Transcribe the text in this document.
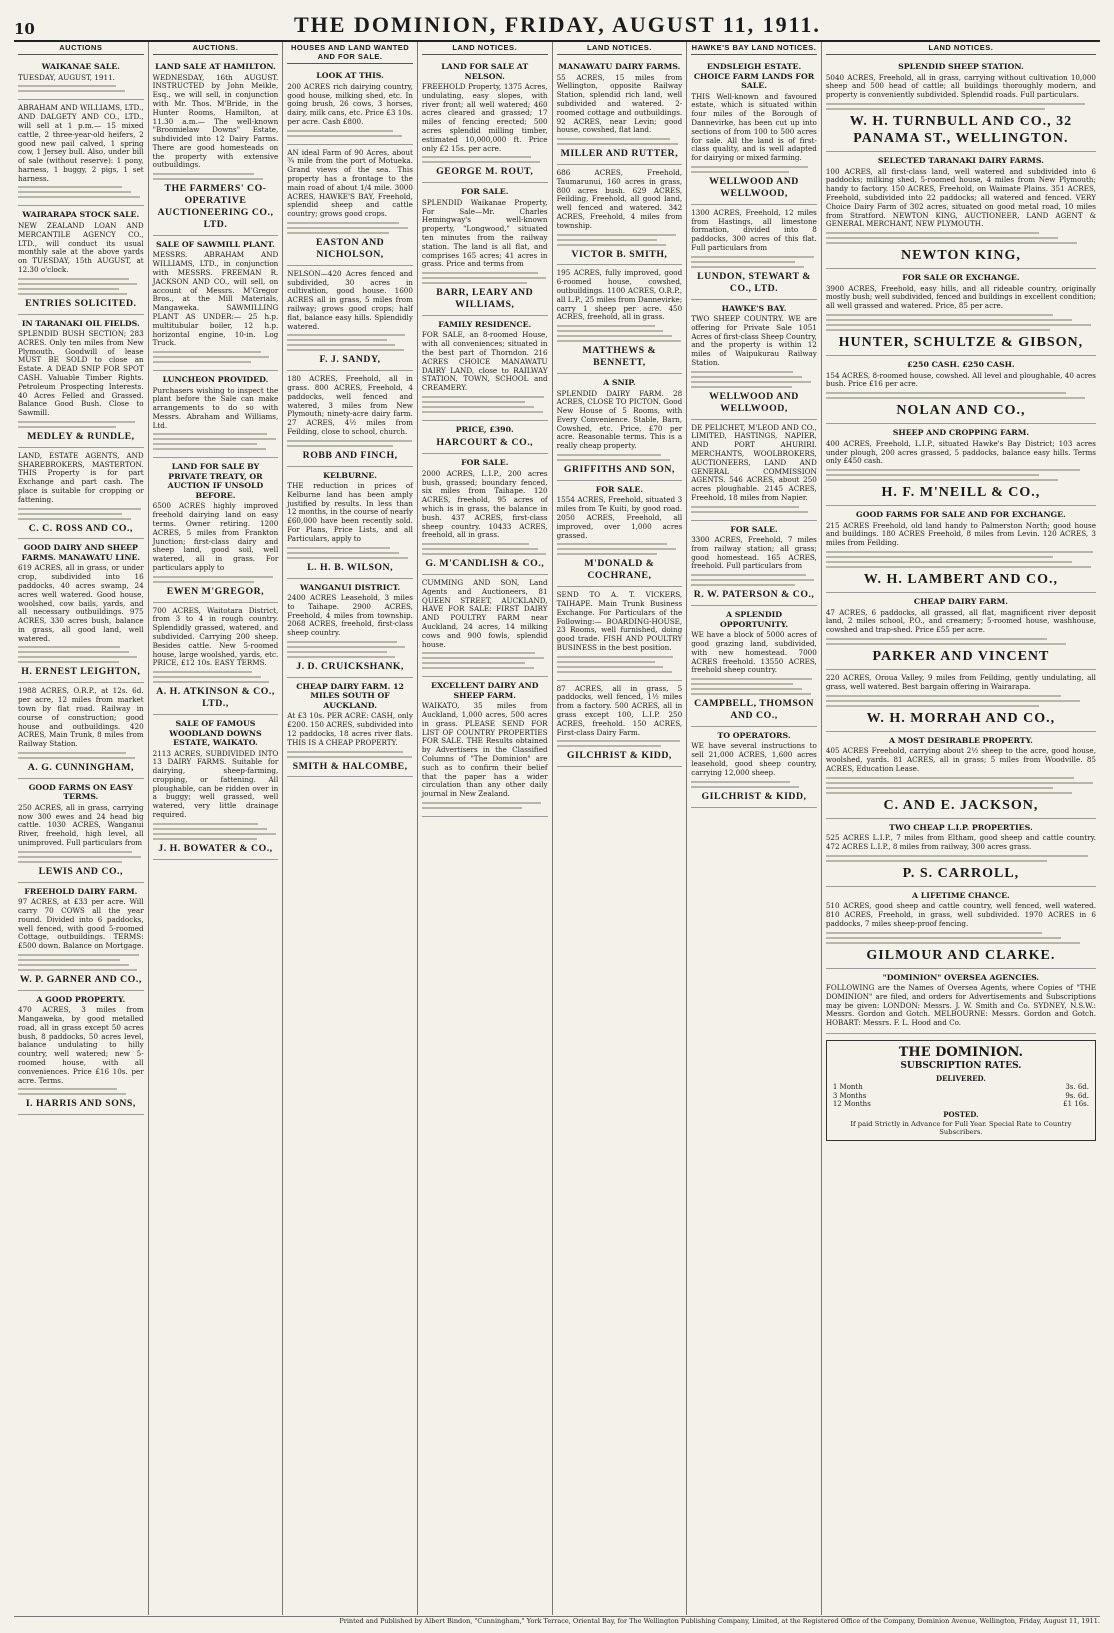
10	THE DOMINION, FRIDAY, AUGUST 11, 1911.
AUCTIONS
WAIKANAE SALE.
TUESDAY, AUGUST, 1911.
ABRAHAM AND WILLIAMS, LTD., AND DALGETY AND CO., LTD., will sell at 1 p.m.— 15 mixed cattle, 2 three-year-old heifers, 2 good new pail calved, 1 spring cow, 1 Jersey bull. Also, under bill of sale (without reserve): 1 pony, harness, 1 buggy, 2 pigs, 1 set harness.
WAIRARAPA STOCK SALE.
NEW ZEALAND LOAN AND MERCANTILE AGENCY CO., LTD., will conduct its usual monthly sale at the above yards on TUESDAY, 15th AUGUST, at 12.30 o'clock.
ENTRIES SOLICITED.
IN TARANAKI OIL FIELDS.
SPLENDID BUSH SECTION; 283 ACRES. Only ten miles from New Plymouth. Goodwill of lease MUST BE SOLD to close an Estate. A DEAD SNIP FOR SPOT CASH. Valuable Timber Rights. Petroleum Prospecting Interests. 40 Acres Felled and Grassed. Balance Good Bush. Close to Sawmill.
MEDLEY & RUNDLE,
LAND, ESTATE AGENTS, AND SHAREBROKERS, MASTERTON. THIS Property is for part Exchange and part cash. The place is suitable for cropping or fattening.
C. C. ROSS AND CO.,
GOOD DAIRY AND SHEEP FARMS. MANAWATU LINE.
619 ACRES, all in grass, or under crop, subdivided into 16 paddocks, 40 acres swamp, 24 acres well watered. Good house, woolshed, cow bails, yards, and all necessary outbuildings. 975 ACRES, 330 acres bush, balance in grass, all good land, well watered.
H. ERNEST LEIGHTON,
1988 ACRES, O.R.P., at 12s. 6d. per acre, 12 miles from market town by flat road. Railway in course of construction; good house and outbuildings. 420 ACRES, Main Trunk, 8 miles from Railway Station.
A. G. CUNNINGHAM,
GOOD FARMS ON EASY TERMS.
250 ACRES, all in grass, carrying now 300 ewes and 24 head big cattle. 1030 ACRES, Wanganui River, freehold, high level, all unimproved. Full particulars from
LEWIS AND CO.,
FREEHOLD DAIRY FARM.
97 ACRES, at £33 per acre. Will carry 70 COWS all the year round. Divided into 6 paddocks, well fenced, with good 5-roomed Cottage, outbuildings. TERMS: £500 down. Balance on Mortgage.
W. P. GARNER AND CO.,
A GOOD PROPERTY.
470 ACRES, 3 miles from Mangaweka, by good metalled road, all in grass except 50 acres bush, 8 paddocks, 50 acres level, balance undulating to hilly country, well watered; new 5-roomed house, with all conveniences. Price £16 10s. per acre. Terms.
I. HARRIS AND SONS,
AUCTIONS.
LAND SALE AT HAMILTON.
WEDNESDAY, 16th AUGUST. INSTRUCTED by John Meikle, Esq., we will sell, in conjunction with Mr. Thos. M'Bride, in the Hunter Rooms, Hamilton, at 11.30 a.m.— The well-known "Broomielaw Downs" Estate, subdivided into 12 Dairy Farms. There are good homesteads on the property with extensive outbuildings.
THE FARMERS' CO-OPERATIVE AUCTIONEERING CO., LTD.
SALE OF SAWMILL PLANT.
MESSRS. ABRAHAM AND WILLIAMS, LTD., in conjunction with MESSRS. FREEMAN R. JACKSON AND CO., will sell, on account of Messrs. M'Gregor Bros., at the Mill Materials, Mangaweka. SAWMILLING PLANT AS UNDER:— 25 h.p. multitubular boiler, 12 h.p. horizontal engine, 10-in. Log Truck.
LUNCHEON PROVIDED.
Purchasers wishing to inspect the plant before the Sale can make arrangements to do so with Messrs. Abraham and Williams, Ltd.
LAND FOR SALE BY PRIVATE TREATY, OR AUCTION IF UNSOLD BEFORE.
6500 ACRES highly improved freehold dairying land on easy terms. Owner retiring. 1200 ACRES, 5 miles from Frankton Junction; first-class dairy and sheep land, good soil, well watered, all in grass. For particulars apply to
EWEN M'GREGOR,
700 ACRES, Waitotara District, from 3 to 4 in rough country. Splendidly grassed, watered, and subdivided. Carrying 200 sheep. Besides cattle. New 5-roomed house, large woolshed, yards, etc. PRICE, £12 10s. EASY TERMS.
A. H. ATKINSON & CO., LTD.,
SALE OF FAMOUS WOODLAND DOWNS ESTATE, WAIKATO.
2113 ACRES, SUBDIVIDED INTO 13 DAIRY FARMS. Suitable for dairying, sheep-farming, cropping, or fattening. All ploughable, can be ridden over in a buggy; well grassed, well watered, very little drainage required.
J. H. BOWATER & CO.,
HOUSES AND LAND WANTED AND FOR SALE.
LOOK AT THIS.
200 ACRES rich dairying country, good house, milking shed, etc. In going brush, 26 cows, 3 horses, dairy, milk cans, etc. Price £3 10s. per acre. Cash £800.
AN ideal Farm of 90 Acres, about ¾ mile from the port of Motueka. Grand views of the sea. This property has a frontage to the main road of about 1/4 mile. 3000 ACRES, HAWKE'S BAY, Freehold, splendid sheep and cattle country; grows good crops.
EASTON AND NICHOLSON,
NELSON—420 Acres fenced and subdivided, 30 acres in cultivation, good house. 1600 ACRES all in grass, 5 miles from railway; grows good crops; half flat, balance easy hills. Splendidly watered.
F. J. SANDY,
180 ACRES, Freehold, all in grass. 800 ACRES, Freehold, 4 paddocks, well fenced and watered, 3 miles from New Plymouth; ninety-acre dairy farm. 27 ACRES, 4½ miles from Feilding, close to school, church.
ROBB AND FINCH,
KELBURNE.
THE reduction in prices of Kelburne land has been amply justified by results. In less than 12 months, in the course of nearly £60,000 have been recently sold. For Plans, Price Lists, and all Particulars, apply to
L. H. B. WILSON,
WANGANUI DISTRICT.
2400 ACRES Leasehold, 3 miles to Taihape. 2900 ACRES, Freehold, 4 miles from township. 2068 ACRES, freehold, first-class sheep country.
J. D. CRUICKSHANK,
CHEAP DAIRY FARM. 12 MILES SOUTH OF AUCKLAND.
At £3 10s. PER ACRE: CASH, only £200. 150 ACRES, subdivided into 12 paddocks, 18 acres river flats. THIS IS A CHEAP PROPERTY.
SMITH & HALCOMBE,
LAND NOTICES.
LAND FOR SALE AT NELSON.
FREEHOLD Property, 1375 Acres, undulating, easy slopes, with river front; all well watered; 460 acres cleared and grassed; 17 miles of fencing erected; 500 acres splendid milling timber, estimated 10,000,000 ft. Price only £2 15s. per acre.
GEORGE M. ROUT,
FOR SALE.
SPLENDID Waikanae Property, For Sale—Mr. Charles Hemingway's well-known property, "Longwood," situated ten minutes from the railway station. The land is all flat, and comprises 165 acres; 41 acres in grass. Price and terms from
BARR, LEARY AND WILLIAMS,
FAMILY RESIDENCE.
FOR SALE, an 8-roomed House, with all conveniences; situated in the best part of Thorndon. 216 ACRES CHOICE MANAWATU DAIRY LAND, close to RAILWAY STATION, TOWN, SCHOOL and CREAMERY.
PRICE, £390.
HARCOURT & CO.,
FOR SALE.
2000 ACRES, L.I.P., 200 acres bush, grassed; boundary fenced, six miles from Taihape. 120 ACRES, freehold, 95 acres of which is in grass, the balance in bush. 437 ACRES, first-class sheep country. 10433 ACRES, freehold, all in grass.
G. M'CANDLISH & CO.,
CUMMING AND SON, Land Agents and Auctioneers, 81 QUEEN STREET, AUCKLAND, HAVE FOR SALE: FIRST DAIRY AND POULTRY FARM near Auckland, 24 acres, 14 milking cows and 900 fowls, splendid house.
EXCELLENT DAIRY AND SHEEP FARM.
WAIKATO, 35 miles from Auckland, 1,000 acres, 500 acres in grass. PLEASE SEND FOR LIST OF COUNTRY PROPERTIES FOR SALE. THE Results obtained by Advertisers in the Classified Columns of "The Dominion" are such as to confirm their belief that the paper has a wider circulation than any other daily journal in New Zealand.
LAND NOTICES.
MANAWATU DAIRY FARMS.
55 ACRES, 15 miles from Wellington, opposite Railway Station, splendid rich land, well subdivided and watered. 2-roomed cottage and outbuildings. 92 ACRES, near Levin; good house, cowshed, flat land.
MILLER AND RUTTER,
686 ACRES, Freehold, Taumarunui, 160 acres in grass, 800 acres bush. 629 ACRES, Feilding, Freehold, all good land, well fenced and watered. 342 ACRES, Freehold, 4 miles from township.
VICTOR B. SMITH,
195 ACRES, fully improved, good 6-roomed house, cowshed, outbuildings. 1100 ACRES, O.R.P., all L.P., 25 miles from Dannevirke; carry 1 sheep per acre. 450 ACRES, freehold, all in grass.
MATTHEWS & BENNETT,
A SNIP.
SPLENDID DAIRY FARM. 28 ACRES, CLOSE TO PICTON. Good New House of 5 Rooms, with Every Convenience. Stable, Barn, Cowshed, etc. Price, £70 per acre. Reasonable terms. This is a really cheap property.
GRIFFITHS AND SON,
FOR SALE.
1554 ACRES, Freehold, situated 3 miles from Te Kuiti, by good road. 2050 ACRES, Freehold, all improved, over 1,000 acres grassed.
M'DONALD & COCHRANE,
SEND TO A. T. VICKERS, TAIHAPE. Main Trunk Business Exchange. For Particulars of the Following:— BOARDING-HOUSE, 23 Rooms, well furnished, doing good trade. FISH AND POULTRY BUSINESS in the best position.
87 ACRES, all in grass, 5 paddocks, well fenced, 1½ miles from a factory. 500 ACRES, all in grass except 100, L.I.P. 250 ACRES, freehold. 150 ACRES, First-class Dairy Farm.
GILCHRIST & KIDD,
HAWKE'S BAY LAND NOTICES.
ENDSLEIGH ESTATE. CHOICE FARM LANDS FOR SALE.
THIS Well-known and favoured estate, which is situated within four miles of the Borough of Dannevirke, has been cut up into sections of from 100 to 500 acres for sale. All the land is of first-class quality, and is well adapted for dairying or mixed farming.
WELLWOOD AND WELLWOOD,
1300 ACRES, Freehold, 12 miles from Hastings, all limestone formation, divided into 8 paddocks, 300 acres of this flat. Full particulars from
LUNDON, STEWART & CO., LTD.
HAWKE'S BAY.
TWO SHEEP COUNTRY. WE are offering for Private Sale 1051 Acres of first-class Sheep Country, and the property is within 12 miles of Waipukurau Railway Station.
WELLWOOD AND WELLWOOD,
DE PELICHET, M'LEOD AND CO., LIMITED, HASTINGS, NAPIER, AND PORT AHURIRI. MERCHANTS, WOOLBROKERS, AUCTIONEERS, LAND AND GENERAL COMMISSION AGENTS. 546 ACRES, about 250 acres ploughable. 2145 ACRES, Freehold, 18 miles from Napier.
FOR SALE.
3300 ACRES, Freehold, 7 miles from railway station; all grass; good homestead. 165 ACRES, freehold. Full particulars from
R. W. PATERSON & CO.,
A SPLENDID OPPORTUNITY.
WE have a block of 5000 acres of good grazing land, subdivided, with new homestead. 7000 ACRES freehold. 13550 ACRES, freehold sheep country.
CAMPBELL, THOMSON AND CO.,
TO OPERATORS.
WE have several instructions to sell 21,000 ACRES, 1,600 acres leasehold, good sheep country, carrying 12,000 sheep.
GILCHRIST & KIDD,
LAND NOTICES.
SPLENDID SHEEP STATION.
5040 ACRES, Freehold, all in grass, carrying without cultivation 10,000 sheep and 500 head of cattle; all buildings thoroughly modern, and property is conveniently subdivided. Splendid roads. Full particulars.
W. H. TURNBULL AND CO., 32 PANAMA ST., WELLINGTON.
SELECTED TARANAKI DAIRY FARMS.
100 ACRES, all first-class land, well watered and subdivided into 6 paddocks; milking shed, 5-roomed house, 4 miles from New Plymouth; handy to factory. 150 ACRES, Freehold, on Waimate Plains. 351 ACRES, Freehold, subdivided into 22 paddocks; all watered and fenced. VERY Choice Dairy Farm of 302 acres, situated on good metal road, 10 miles from Stratford. NEWTON KING, AUCTIONEER, LAND AGENT & GENERAL MERCHANT, NEW PLYMOUTH.
NEWTON KING,
FOR SALE OR EXCHANGE.
3900 ACRES, Freehold, easy hills, and all rideable country, originally mostly bush; well subdivided, fenced and buildings in excellent condition; all well grassed and watered. Price, 85 per acre.
HUNTER, SCHULTZE & GIBSON,
£250 CASH. £250 CASH.
154 ACRES, 8-roomed house, cowshed. All level and ploughable, 40 acres bush. Price £16 per acre.
NOLAN AND CO.,
SHEEP AND CROPPING FARM.
400 ACRES, Freehold, L.I.P., situated Hawke's Bay District; 103 acres under plough, 200 acres grassed, 5 paddocks, balance easy hills. Terms only £450 cash.
H. F. M'NEILL & CO.,
GOOD FARMS FOR SALE AND FOR EXCHANGE.
215 ACRES Freehold, old land handy to Palmerston North; good house and buildings. 180 ACRES Freehold, 8 miles from Levin. 120 ACRES, 3 miles from Feilding.
W. H. LAMBERT AND CO.,
CHEAP DAIRY FARM.
47 ACRES, 6 paddocks, all grassed, all flat, magnificent river deposit land, 2 miles school, P.O., and creamery; 5-roomed house, washhouse, cowshed and trap-shed. Price £55 per acre.
PARKER AND VINCENT
220 ACRES, Oroua Valley, 9 miles from Feilding, gently undulating, all grass, well watered. Best bargain offering in Wairarapa.
W. H. MORRAH AND CO.,
A MOST DESIRABLE PROPERTY.
405 ACRES Freehold, carrying about 2½ sheep to the acre, good house, woolshed, yards. 81 ACRES, all in grass; 5 miles from Woodville. 85 ACRES, Education Lease.
C. AND E. JACKSON,
TWO CHEAP L.I.P. PROPERTIES.
525 ACRES L.I.P., 7 miles from Eltham, good sheep and cattle country. 472 ACRES L.I.P., 8 miles from railway, 300 acres grass.
P. S. CARROLL,
A LIFETIME CHANCE.
510 ACRES, good sheep and cattle country, well fenced, well watered. 810 ACRES, Freehold, in grass, well subdivided. 1970 ACRES in 6 paddocks, 7 miles sheep-proof fencing.
GILMOUR AND CLARKE.
"DOMINION" OVERSEA AGENCIES.
FOLLOWING are the Names of Oversea Agents, where Copies of "THE DOMINION" are filed, and orders for Advertisements and Subscriptions may be given: LONDON: Messrs. J. W. Smith and Co. SYDNEY, N.S.W.: Messrs. Gordon and Gotch. MELBOURNE: Messrs. Gordon and Gotch. HOBART: Messrs. F. L. Hood and Co.
THE DOMINION.
SUBSCRIPTION RATES.
DELIVERED.
1 Month	3s. 6d.
3 Months	9s. 6d.
12 Months	£1 16s.
POSTED.
If paid Strictly in Advance for Full Year. Special Rate to Country Subscribers.
Printed and Published by Albert Bindon, "Cunningham," York Terrace, Oriental Bay, for The Wellington Publishing Company, Limited, at the Registered Office of the Company, Dominion Avenue, Wellington, Friday, August 11, 1911.
